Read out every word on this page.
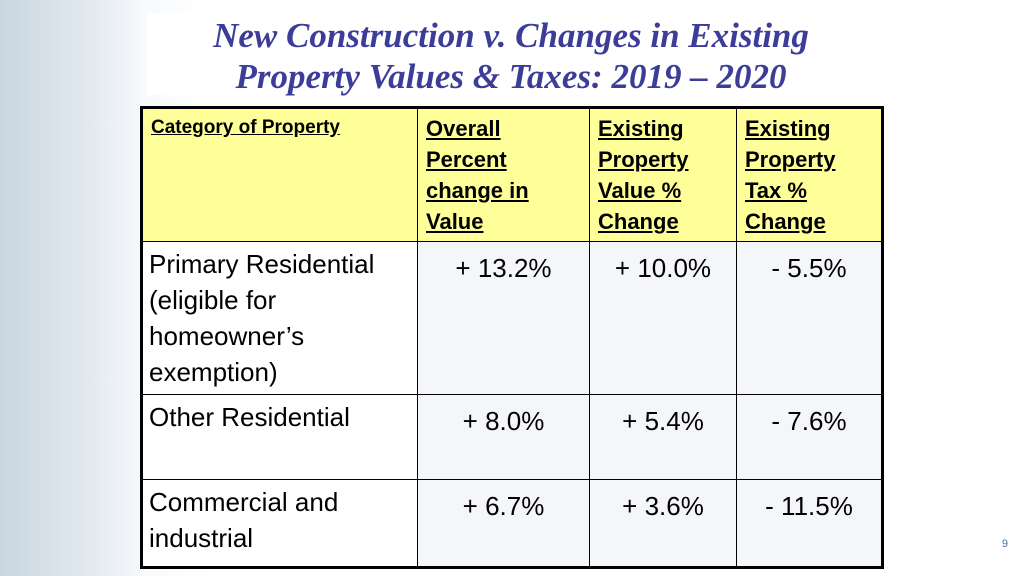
New Construction v. Changes in Existing
Property Values & Taxes: 2019 – 2020
Category of Property	Overall Percent change in Value	Existing Property Value % Change	Existing Property Tax % Change
Primary Residential (eligible for homeowner’s exemption)	+ 13.2%	+ 10.0%	- 5.5%
Other Residential	+ 8.0%	+ 5.4%	- 7.6%
Commercial and industrial	+ 6.7%	+ 3.6%	- 11.5%
9
